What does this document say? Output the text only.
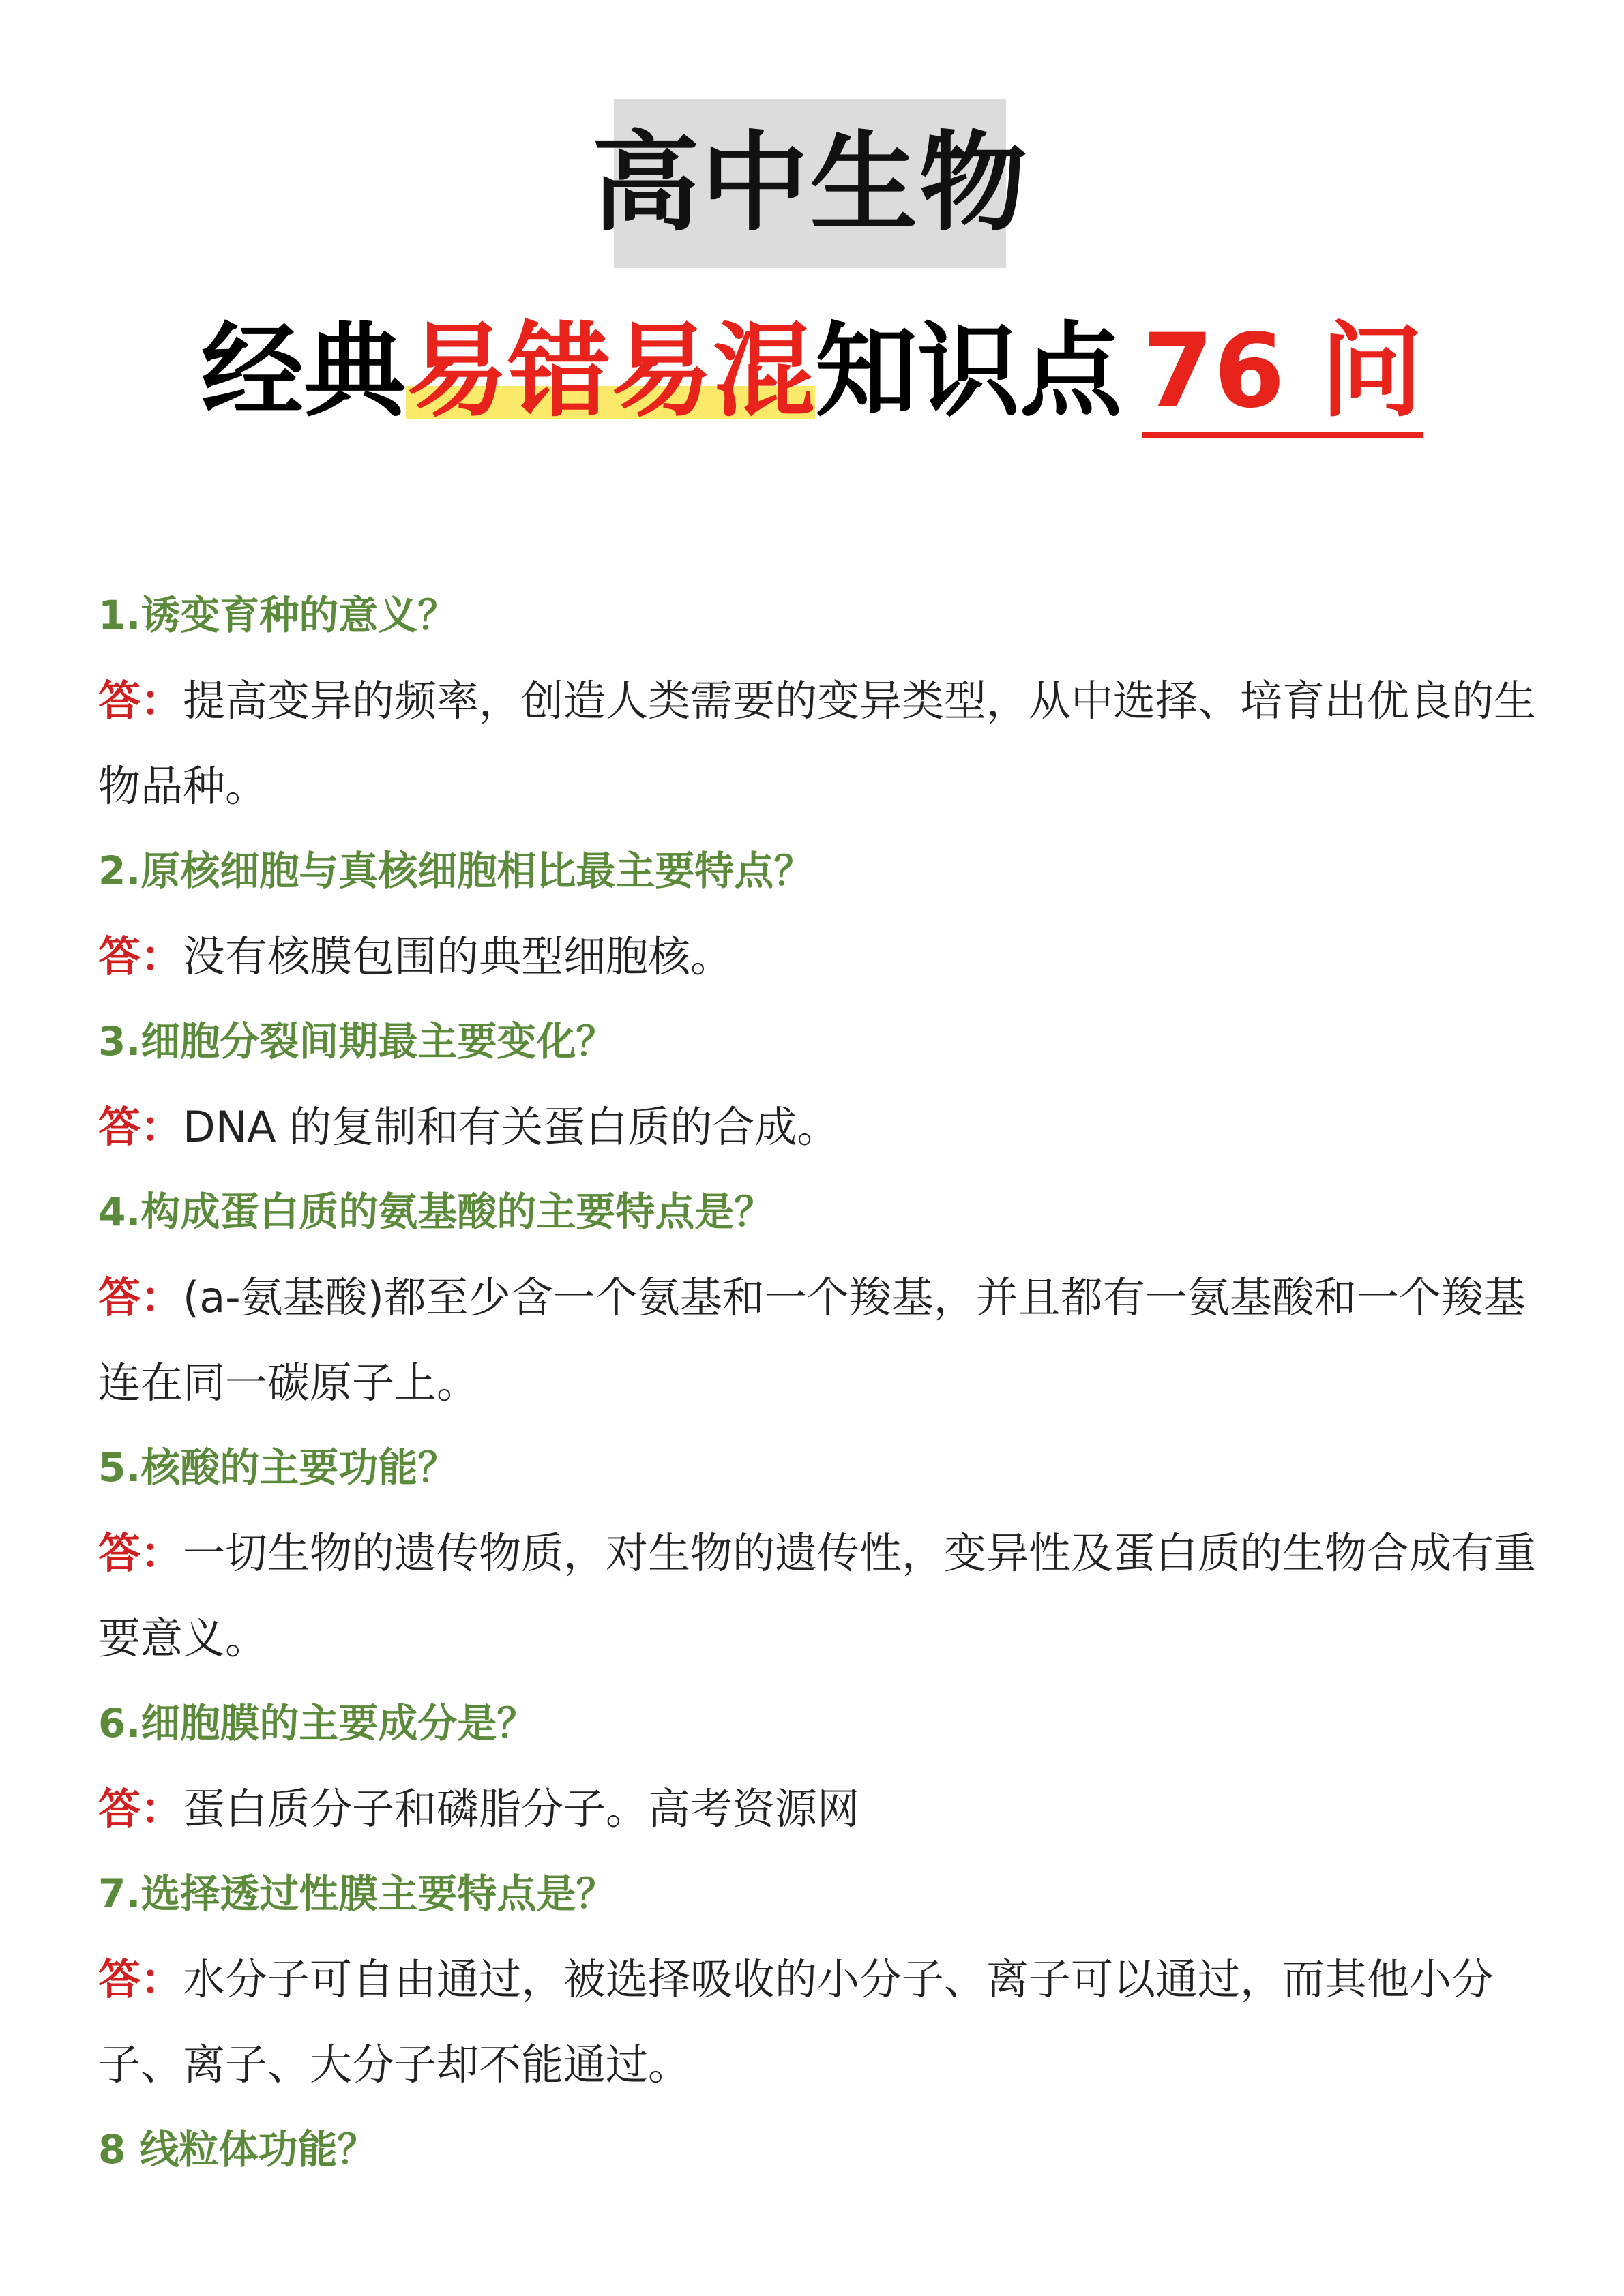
高中生物
经典易错易混知识点 76 问
1.诱变育种的意义？
答：提高变异的频率，创造人类需要的变异类型，从中选择、培育出优良的生物品种。
2.原核细胞与真核细胞相比最主要特点？
答：没有核膜包围的典型细胞核。
3.细胞分裂间期最主要变化？
答：DNA 的复制和有关蛋白质的合成。
4.构成蛋白质的氨基酸的主要特点是？
答：(a-氨基酸)都至少含一个氨基和一个羧基，并且都有一氨基酸和一个羧基连在同一碳原子上。
5.核酸的主要功能？
答：一切生物的遗传物质，对生物的遗传性，变异性及蛋白质的生物合成有重要意义。
6.细胞膜的主要成分是？
答：蛋白质分子和磷脂分子。高考资源网
7.选择透过性膜主要特点是？
答：水分子可自由通过，被选择吸收的小分子、离子可以通过，而其他小分子、离子、大分子却不能通过。
8 线粒体功能？
